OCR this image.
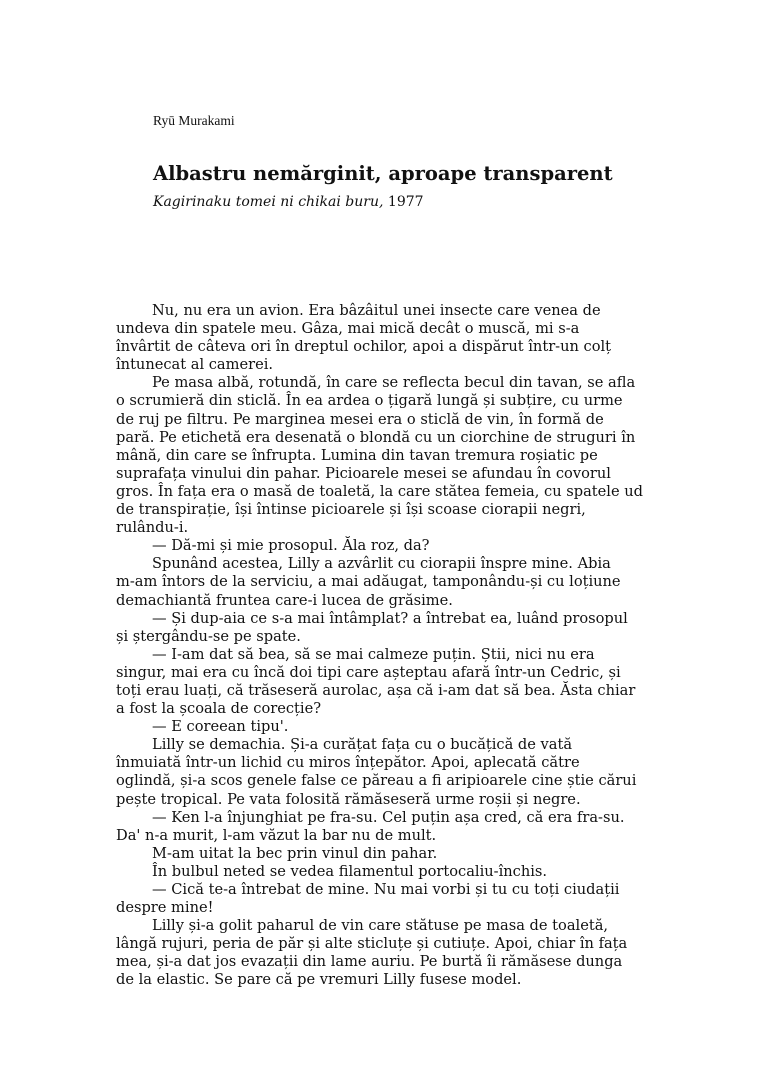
Ryū Murakami
Albastru nemărginit, aproape transparent
Kagirinaku tomei ni chikai buru, 1977
Nu, nu era un avion. Era bâzâitul unei insecte care venea de
undeva din spatele meu. Gâza, mai mică decât o muscă, mi s-a
învârtit de câteva ori în dreptul ochilor, apoi a dispărut într-un colț
întunecat al camerei.
Pe masa albă, rotundă, în care se reflecta becul din tavan, se afla
o scrumieră din sticlă. În ea ardea o țigară lungă și subțire, cu urme
de ruj pe filtru. Pe marginea mesei era o sticlă de vin, în formă de
pară. Pe etichetă era desenată o blondă cu un ciorchine de struguri în
mână, din care se înfrupta. Lumina din tavan tremura roșiatic pe
suprafața vinului din pahar. Picioarele mesei se afundau în covorul
gros. În fața era o masă de toaletă, la care stătea femeia, cu spatele ud
de transpirație, își întinse picioarele și își scoase ciorapii negri,
rulându-i.
— Dă-mi și mie prosopul. Ăla roz, da?
Spunând acestea, Lilly a azvârlit cu ciorapii înspre mine. Abia
m-am întors de la serviciu, a mai adăugat, tamponându-și cu loțiune
demachiantă fruntea care-i lucea de grăsime.
— Și dup-aia ce s-a mai întâmplat? a întrebat ea, luând prosopul
și ștergându-se pe spate.
— I-am dat să bea, să se mai calmeze puțin. Știi, nici nu era
singur, mai era cu încă doi tipi care așteptau afară într-un Cedric, și
toți erau luați, că trăseseră aurolac, așa că i-am dat să bea. Ăsta chiar
a fost la școala de corecție?
— E coreean tipu'.
Lilly se demachia. Și-a curățat fața cu o bucățică de vată
înmuiată într-un lichid cu miros înțepător. Apoi, aplecată către
oglindă, și-a scos genele false ce păreau a fi aripioarele cine știe cărui
pește tropical. Pe vata folosită rămăseseră urme roșii și negre.
— Ken l-a înjunghiat pe fra-su. Cel puțin așa cred, că era fra-su.
Da' n-a murit, l-am văzut la bar nu de mult.
M-am uitat la bec prin vinul din pahar.
În bulbul neted se vedea filamentul portocaliu-închis.
— Cică te-a întrebat de mine. Nu mai vorbi și tu cu toți ciudații
despre mine!
Lilly și-a golit paharul de vin care stătuse pe masa de toaletă,
lângă rujuri, peria de păr și alte sticluțe și cutiuțe. Apoi, chiar în fața
mea, și-a dat jos evazații din lame auriu. Pe burtă îi rămăsese dunga
de la elastic. Se pare că pe vremuri Lilly fusese model.
